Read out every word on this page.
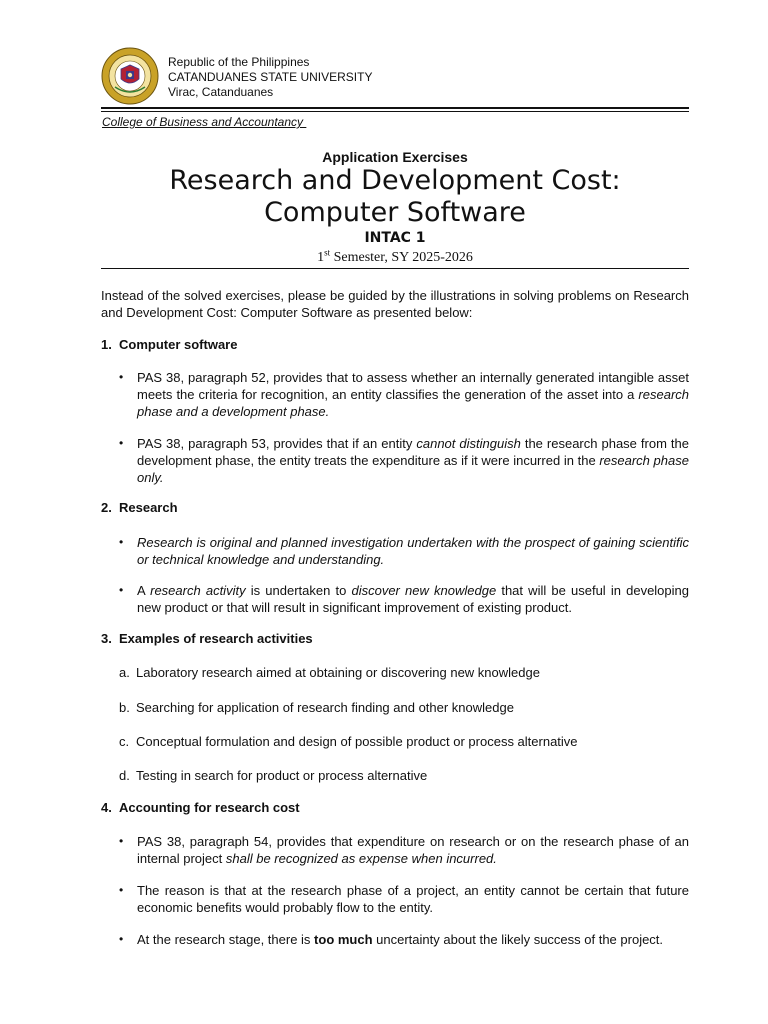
Republic of the Philippines
CATANDUANES STATE UNIVERSITY
Virac, Catanduanes
College of Business and Accountancy
Application Exercises
Research and Development Cost:
Computer Software
INTAC 1
1st Semester, SY 2025-2026
Instead of the solved exercises, please be guided by the illustrations in solving problems on Research and Development Cost: Computer Software as presented below:
1. Computer software
• PAS 38, paragraph 52, provides that to assess whether an internally generated intangible asset meets the criteria for recognition, an entity classifies the generation of the asset into a research phase and a development phase.
• PAS 38, paragraph 53, provides that if an entity cannot distinguish the research phase from the development phase, the entity treats the expenditure as if it were incurred in the research phase only.
2. Research
• Research is original and planned investigation undertaken with the prospect of gaining scientific or technical knowledge and understanding.
• A research activity is undertaken to discover new knowledge that will be useful in developing new product or that will result in significant improvement of existing product.
3. Examples of research activities
a. Laboratory research aimed at obtaining or discovering new knowledge
b. Searching for application of research finding and other knowledge
c. Conceptual formulation and design of possible product or process alternative
d. Testing in search for product or process alternative
4. Accounting for research cost
• PAS 38, paragraph 54, provides that expenditure on research or on the research phase of an internal project shall be recognized as expense when incurred.
• The reason is that at the research phase of a project, an entity cannot be certain that future economic benefits would probably flow to the entity.
• At the research stage, there is too much uncertainty about the likely success of the project.
